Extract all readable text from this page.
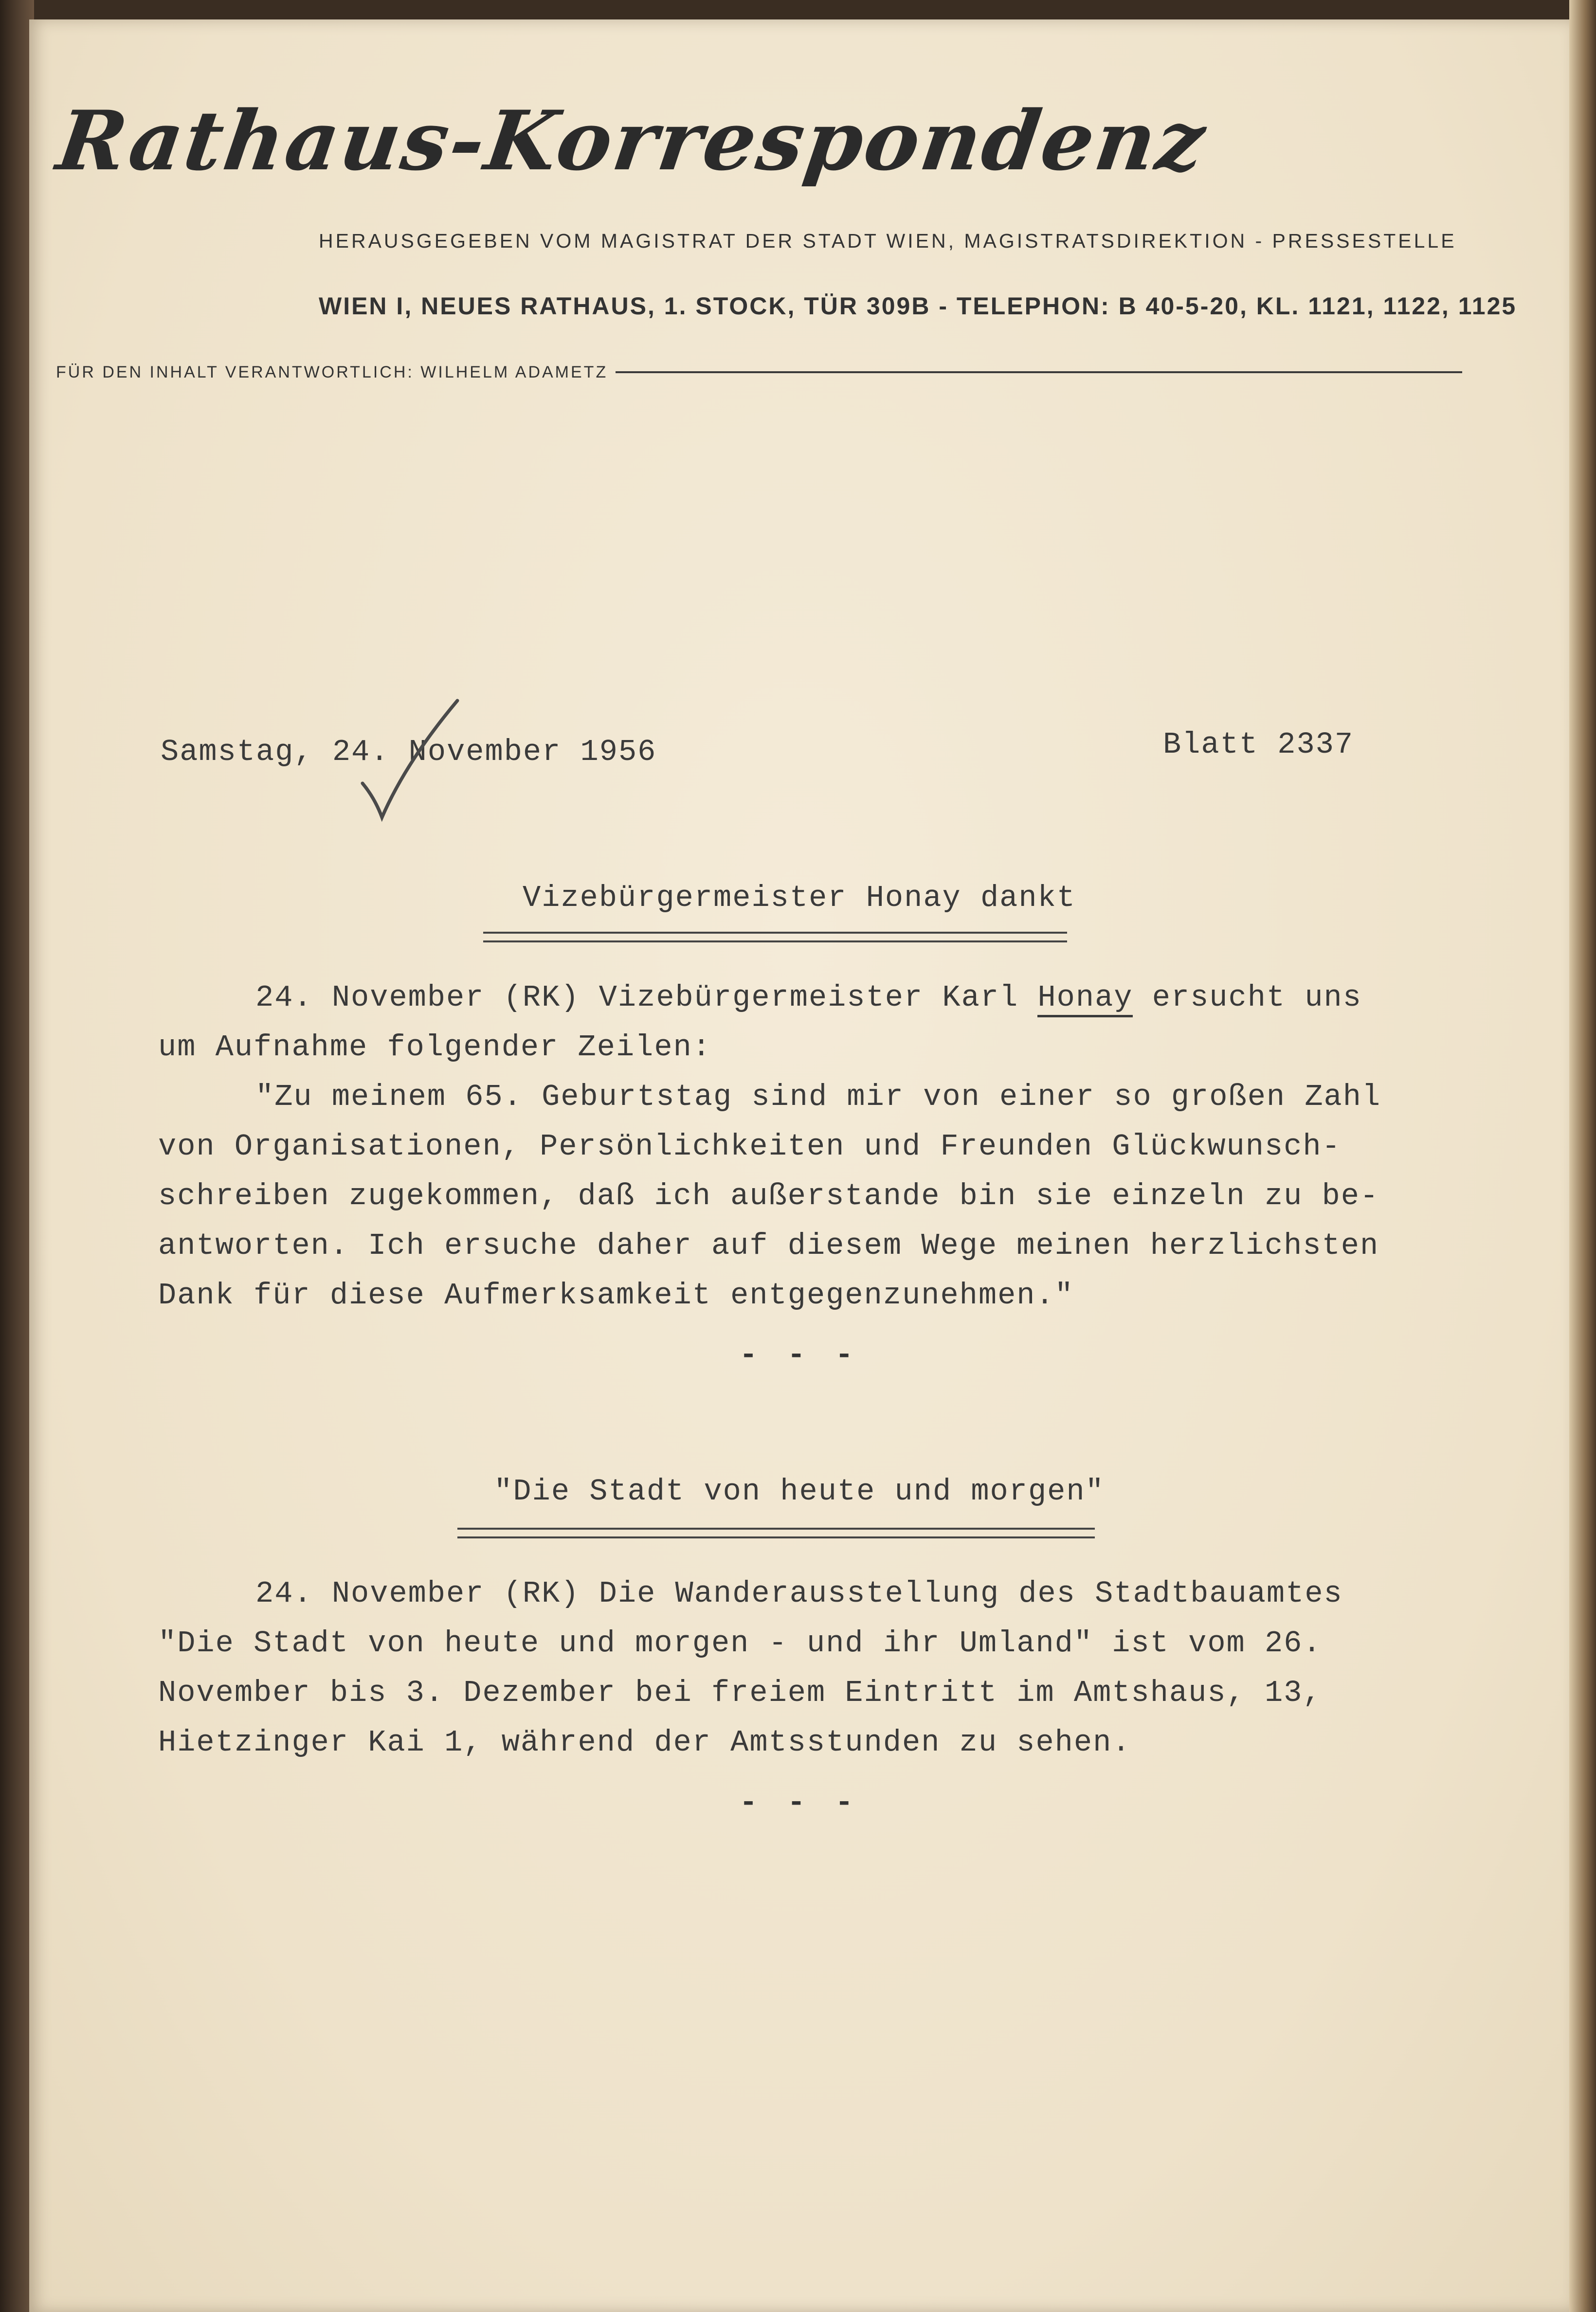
Rathaus-Korrespondenz
HERAUSGEGEBEN VOM MAGISTRAT DER STADT WIEN, MAGISTRATSDIREKTION - PRESSESTELLE
WIEN I, NEUES RATHAUS, 1. STOCK, TÜR 309B - TELEPHON: B 40-5-20, KL. 1121, 1122, 1125
FÜR DEN INHALT VERANTWORTLICH: WILHELM ADAMETZ
Samstag, 24. November 1956	Blatt 2337
Vizebürgermeister Honay dankt

24. November (RK) Vizebürgermeister Karl Honay ersucht uns

um Aufnahme folgender Zeilen:

"Zu meinem 65. Geburtstag sind mir von einer so großen Zahl

von Organisationen, Persönlichkeiten und Freunden Glückwunsch-

schreiben zugekommen, daß ich außerstande bin sie einzeln zu be-

antworten. Ich ersuche daher auf diesem Wege meinen herzlichsten

Dank für diese Aufmerksamkeit entgegenzunehmen."

- - -
"Die Stadt von heute und morgen"

24. November (RK) Die Wanderausstellung des Stadtbauamtes

"Die Stadt von heute und morgen - und ihr Umland" ist vom 26.

November bis 3. Dezember bei freiem Eintritt im Amtshaus, 13,

Hietzinger Kai 1, während der Amtsstunden zu sehen.

- - -
